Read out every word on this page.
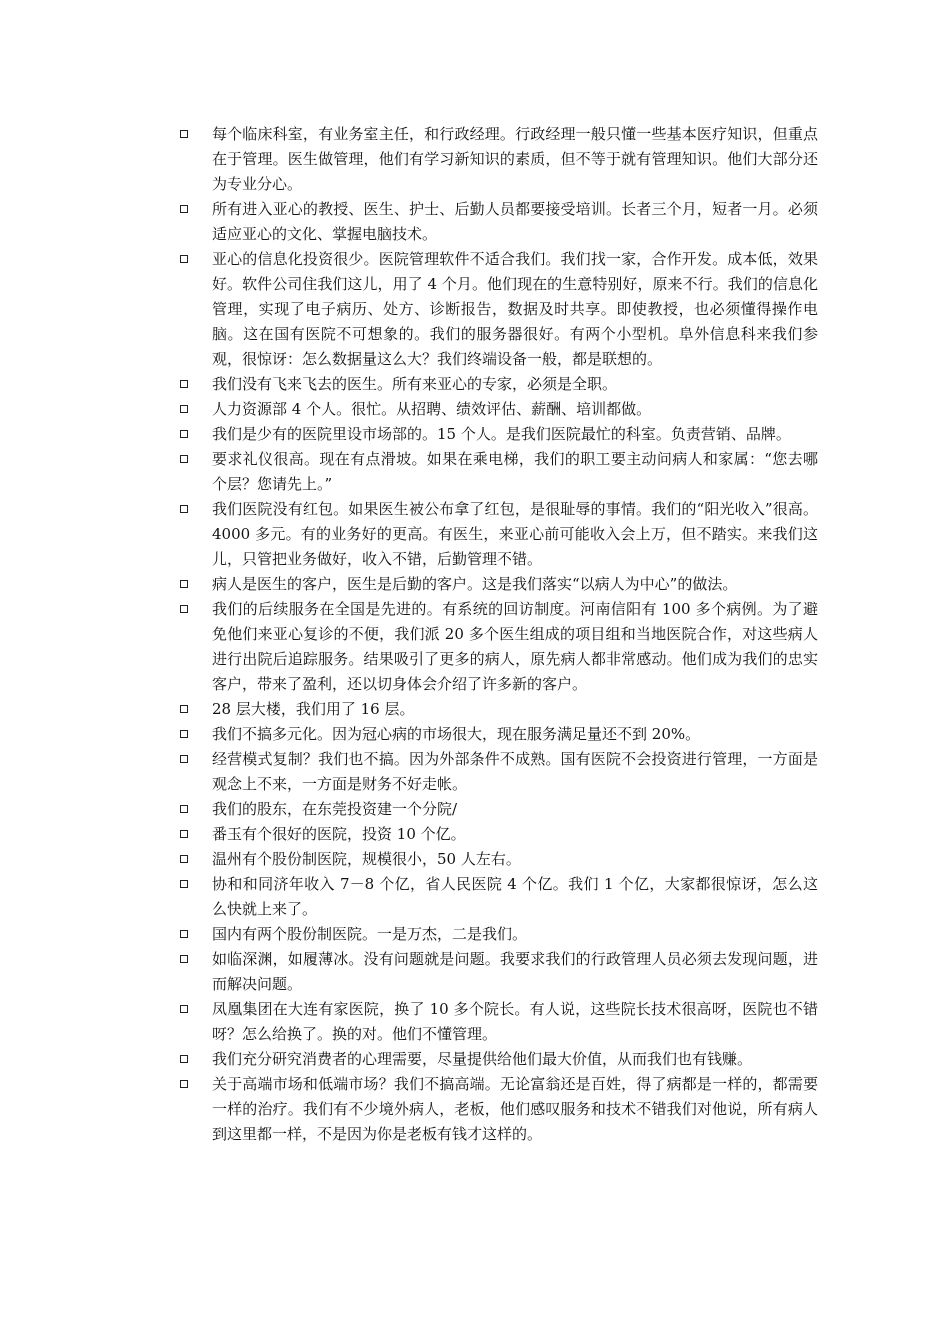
每个临床科室，有业务室主任，和行政经理。行政经理一般只懂一些基本医疗知识，但重点在于管理。医生做管理，他们有学习新知识的素质，但不等于就有管理知识。他们大部分还为专业分心。
所有进入亚心的教授、医生、护士、后勤人员都要接受培训。长者三个月，短者一月。必须适应亚心的文化、掌握电脑技术。
亚心的信息化投资很少。医院管理软件不适合我们。我们找一家，合作开发。成本低，效果好。软件公司住我们这儿，用了 4 个月。他们现在的生意特别好，原来不行。我们的信息化管理，实现了电子病历、处方、诊断报告，数据及时共享。即使教授，也必须懂得操作电脑。这在国有医院不可想象的。我们的服务器很好。有两个小型机。阜外信息科来我们参观，很惊讶：怎么数据量这么大？我们终端设备一般，都是联想的。
我们没有飞来飞去的医生。所有来亚心的专家，必须是全职。
人力资源部 4 个人。很忙。从招聘、绩效评估、薪酬、培训都做。
我们是少有的医院里设市场部的。15 个人。是我们医院最忙的科室。负责营销、品牌。
要求礼仪很高。现在有点滑坡。如果在乘电梯，我们的职工要主动问病人和家属：“您去哪个层？您请先上。”
我们医院没有红包。如果医生被公布拿了红包，是很耻辱的事情。我们的“阳光收入”很高。4000 多元。有的业务好的更高。有医生，来亚心前可能收入会上万，但不踏实。来我们这儿，只管把业务做好，收入不错，后勤管理不错。
病人是医生的客户，医生是后勤的客户。这是我们落实“以病人为中心”的做法。
我们的后续服务在全国是先进的。有系统的回访制度。河南信阳有 100 多个病例。为了避免他们来亚心复诊的不便，我们派 20 多个医生组成的项目组和当地医院合作，对这些病人进行出院后追踪服务。结果吸引了更多的病人，原先病人都非常感动。他们成为我们的忠实客户，带来了盈利，还以切身体会介绍了许多新的客户。
28 层大楼，我们用了 16 层。
我们不搞多元化。因为冠心病的市场很大，现在服务满足量还不到 20%。
经营模式复制？我们也不搞。因为外部条件不成熟。国有医院不会投资进行管理，一方面是观念上不来，一方面是财务不好走帐。
我们的股东，在东莞投资建一个分院/
番玉有个很好的医院，投资 10 个亿。
温州有个股份制医院，规模很小，50 人左右。
协和和同济年收入 7－8 个亿，省人民医院 4 个亿。我们 1 个亿，大家都很惊讶，怎么这么快就上来了。
国内有两个股份制医院。一是万杰，二是我们。
如临深渊，如履薄冰。没有问题就是问题。我要求我们的行政管理人员必须去发现问题，进而解决问题。
凤凰集团在大连有家医院，换了 10 多个院长。有人说，这些院长技术很高呀，医院也不错呀？怎么给换了。换的对。他们不懂管理。
我们充分研究消费者的心理需要，尽量提供给他们最大价值，从而我们也有钱赚。
关于高端市场和低端市场？我们不搞高端。无论富翁还是百姓，得了病都是一样的，都需要一样的治疗。我们有不少境外病人，老板，他们感叹服务和技术不错我们对他说，所有病人到这里都一样，不是因为你是老板有钱才这样的。
